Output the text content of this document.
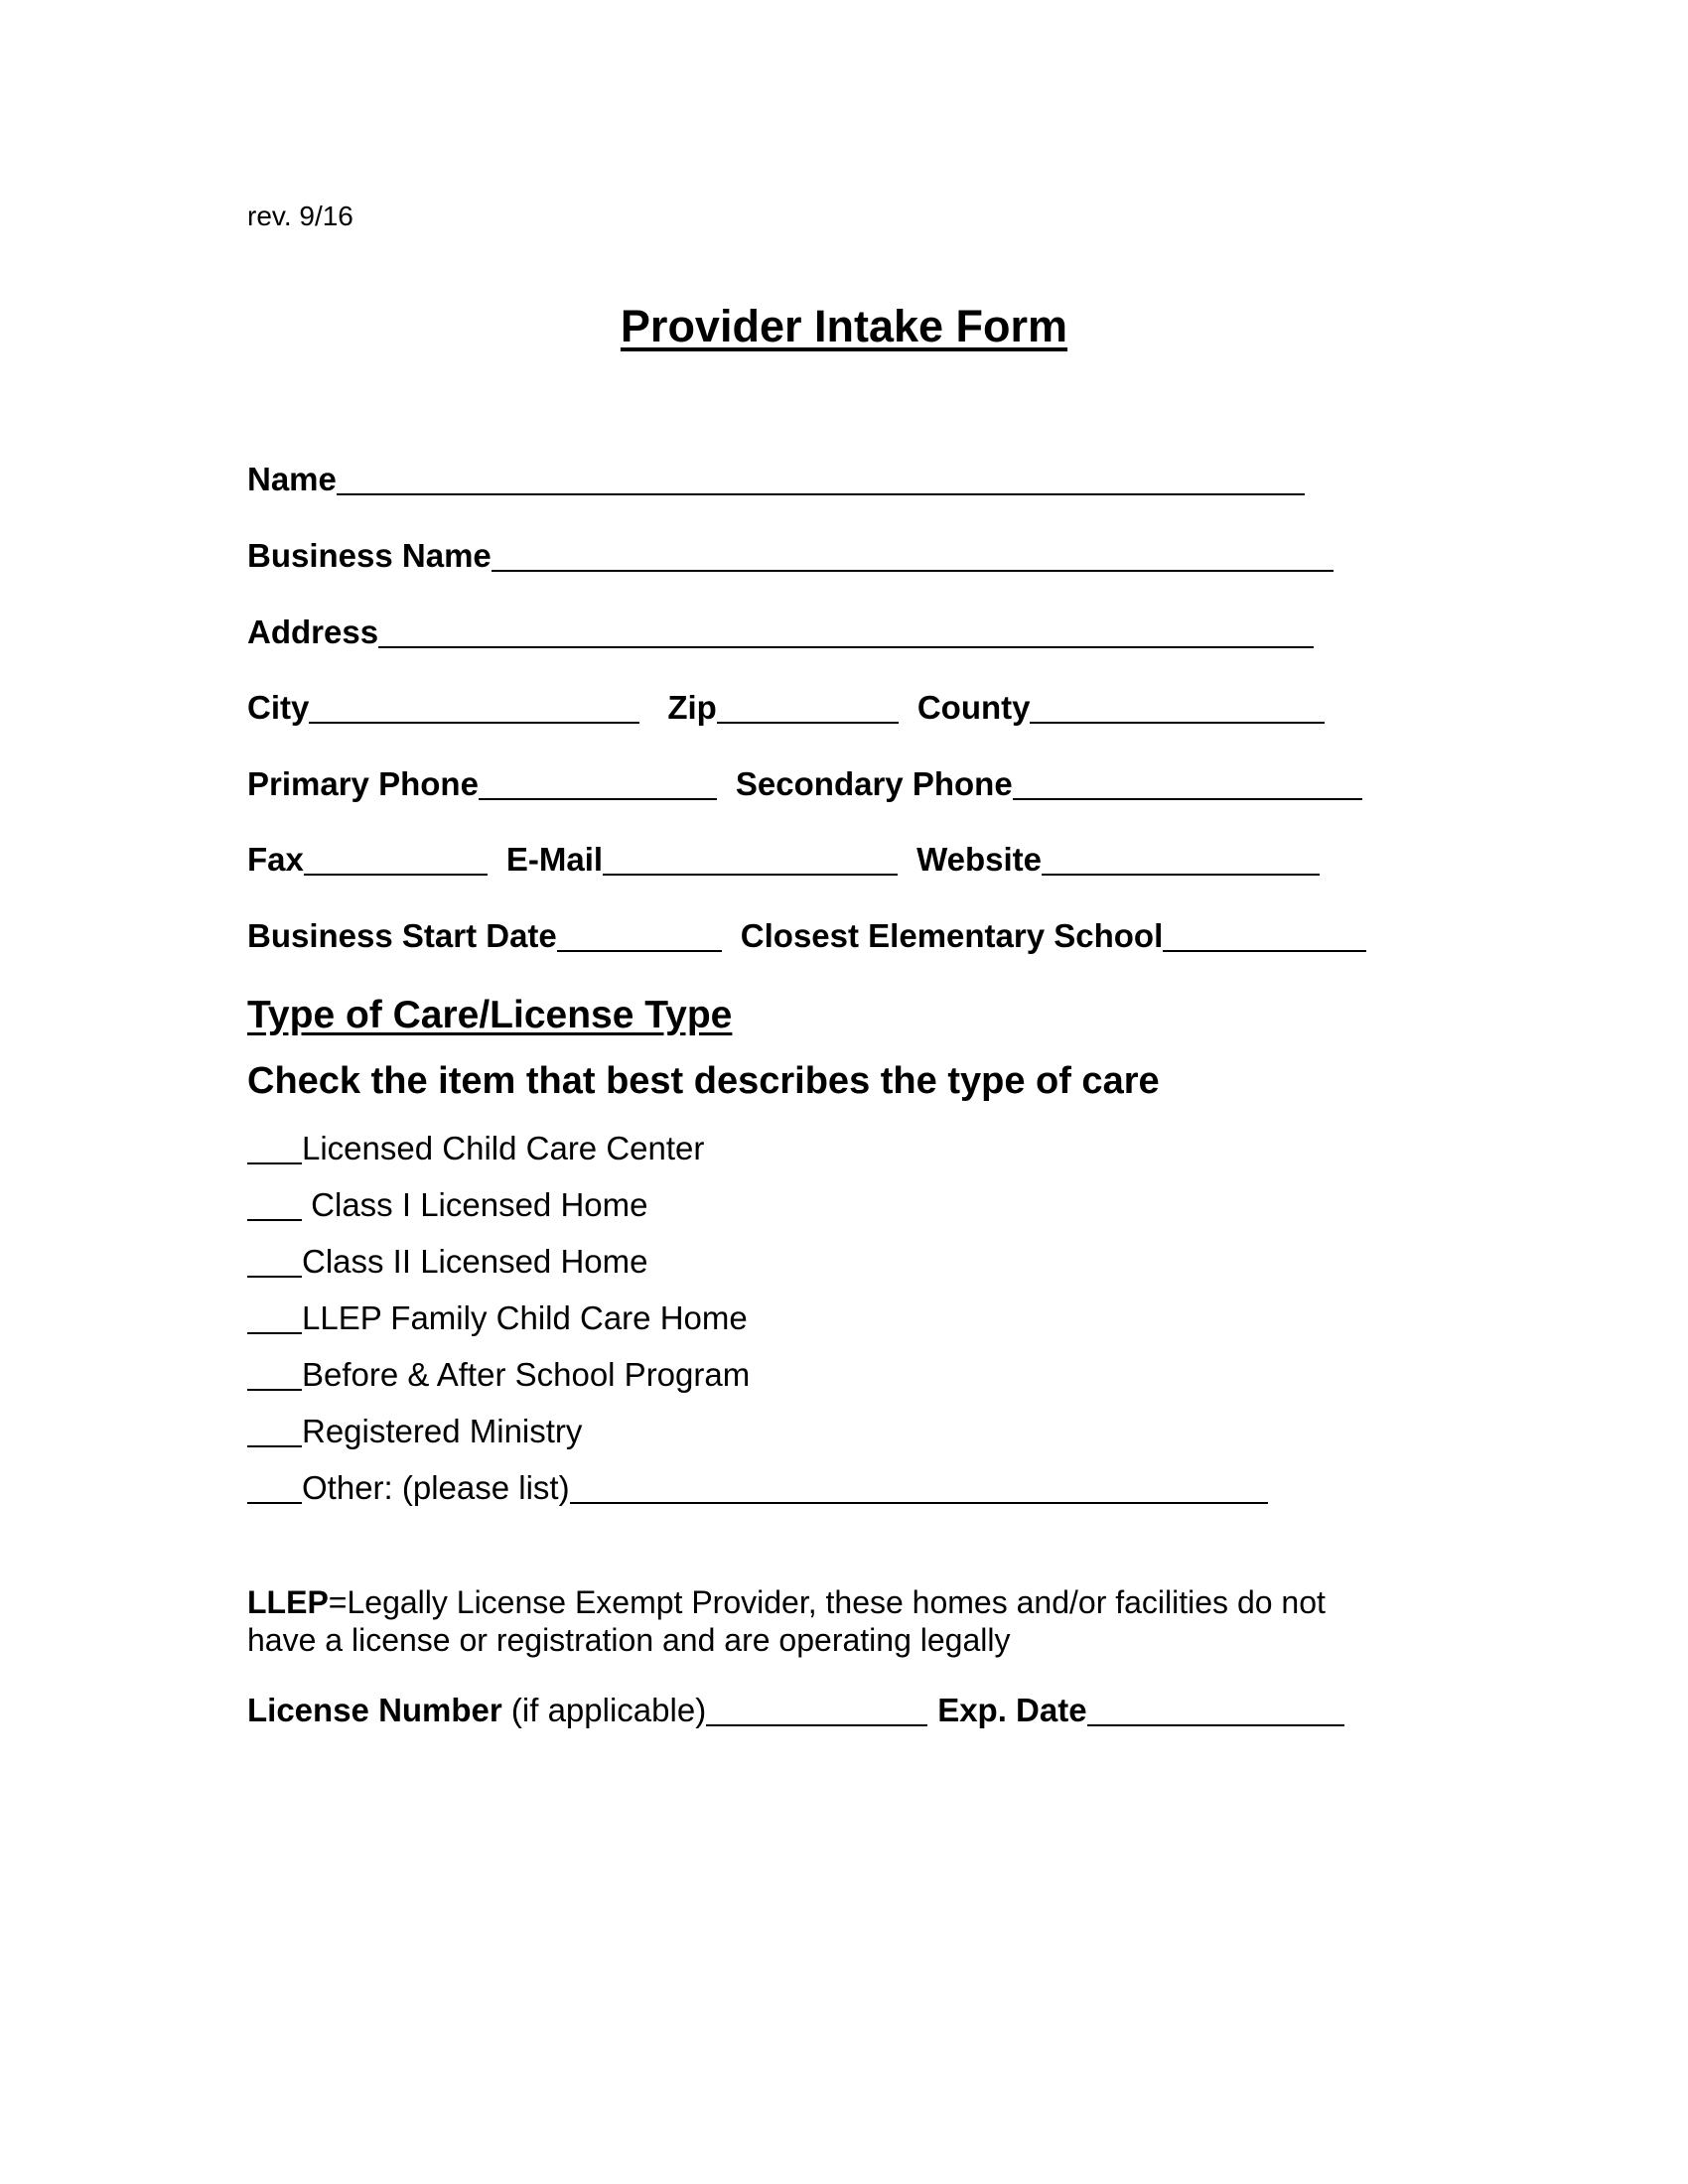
rev. 9/16
Provider Intake Form
Name
Business Name
Address
City	Zip	County
Primary Phone	Secondary Phone
Fax	E-Mail	Website
Business Start Date	Closest Elementary School
Type of Care/License Type
Check the item that best describes the type of care
Licensed Child Care Center
Class I Licensed Home
Class II Licensed Home
LLEP Family Child Care Home
Before & After School Program
Registered Ministry
Other: (please list)
LLEP=Legally License Exempt Provider, these homes and/or facilities do not have a license or registration and are operating legally
License Number (if applicable)	Exp. Date
